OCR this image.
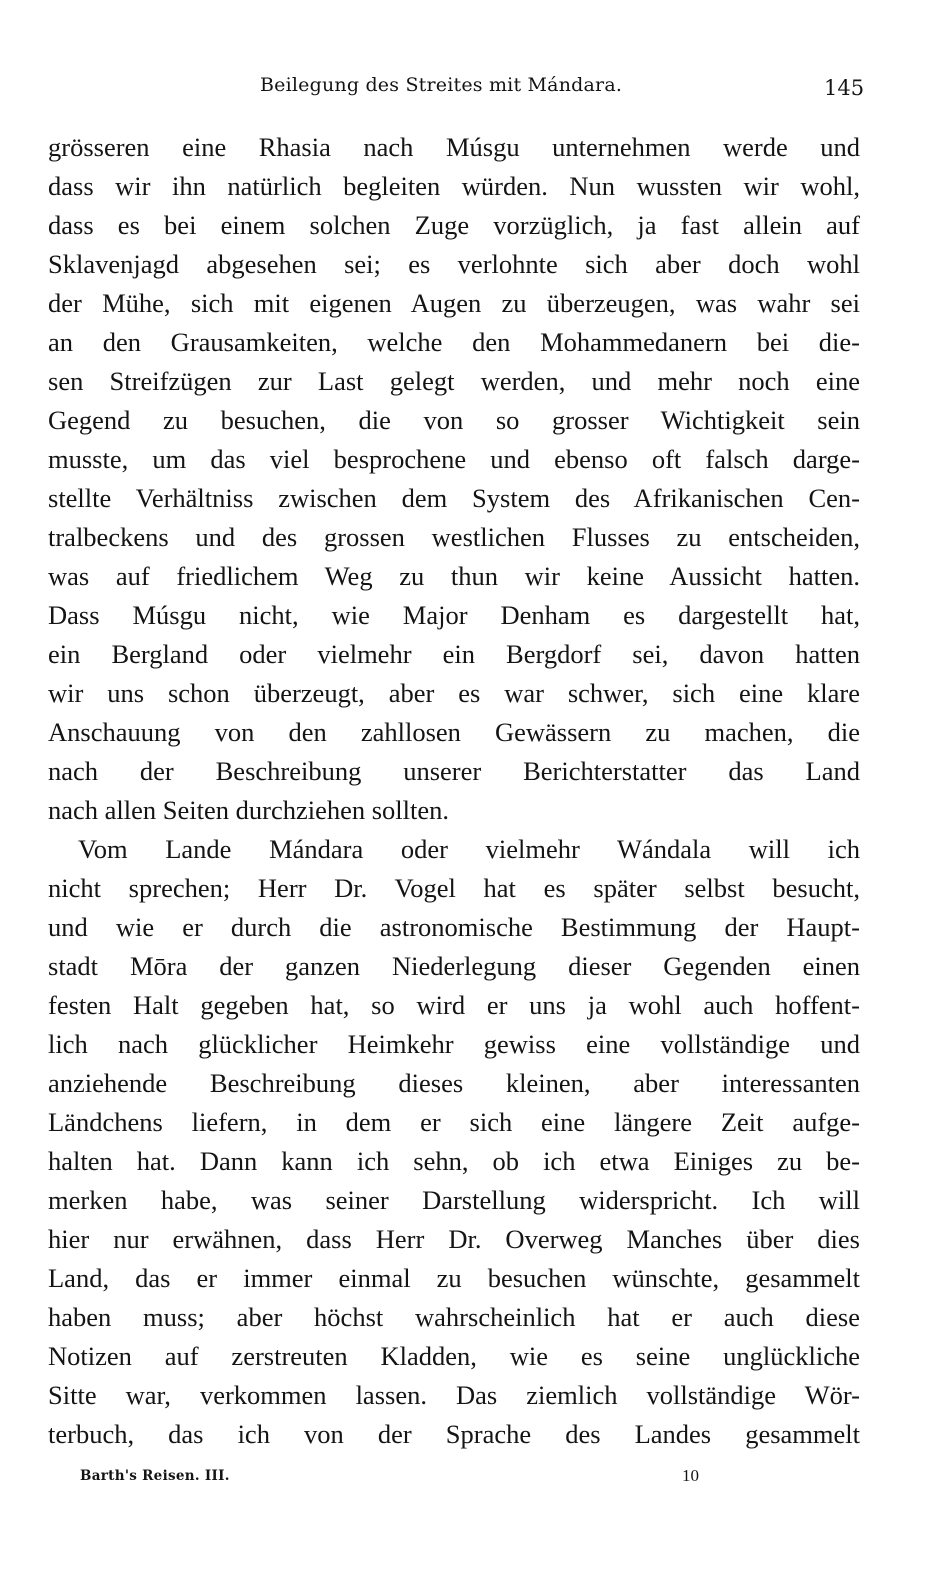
Beilegung des Streites mit Mándara.	145
grösseren eine Rhasia nach Músgu unternehmen werde und
dass wir ihn natürlich begleiten würden. Nun wussten wir wohl,
dass es bei einem solchen Zuge vorzüglich, ja fast allein auf
Sklavenjagd abgesehen sei; es verlohnte sich aber doch wohl
der Mühe, sich mit eigenen Augen zu überzeugen, was wahr sei
an den Grausamkeiten, welche den Mohammedanern bei die-
sen Streifzügen zur Last gelegt werden, und mehr noch eine
Gegend zu besuchen, die von so grosser Wichtigkeit sein
musste, um das viel besprochene und ebenso oft falsch darge-
stellte Verhältniss zwischen dem System des Afrikanischen Cen-
tralbeckens und des grossen westlichen Flusses zu entscheiden,
was auf friedlichem Weg zu thun wir keine Aussicht hatten.
Dass Músgu nicht, wie Major Denham es dargestellt hat,
ein Bergland oder vielmehr ein Bergdorf sei, davon hatten
wir uns schon überzeugt, aber es war schwer, sich eine klare
Anschauung von den zahllosen Gewässern zu machen, die
nach der Beschreibung unserer Berichterstatter das Land
nach allen Seiten durchziehen sollten.
Vom Lande Mándara oder vielmehr Wándala will ich
nicht sprechen; Herr Dr. Vogel hat es später selbst besucht,
und wie er durch die astronomische Bestimmung der Haupt-
stadt Mōra der ganzen Niederlegung dieser Gegenden einen
festen Halt gegeben hat, so wird er uns ja wohl auch hoffent-
lich nach glücklicher Heimkehr gewiss eine vollständige und
anziehende Beschreibung dieses kleinen, aber interessanten
Ländchens liefern, in dem er sich eine längere Zeit aufge-
halten hat. Dann kann ich sehn, ob ich etwa Einiges zu be-
merken habe, was seiner Darstellung widerspricht. Ich will
hier nur erwähnen, dass Herr Dr. Overweg Manches über dies
Land, das er immer einmal zu besuchen wünschte, gesammelt
haben muss; aber höchst wahrscheinlich hat er auch diese
Notizen auf zerstreuten Kladden, wie es seine unglückliche
Sitte war, verkommen lassen. Das ziemlich vollständige Wör-
terbuch, das ich von der Sprache des Landes gesammelt
Barth's Reisen. III.	10
